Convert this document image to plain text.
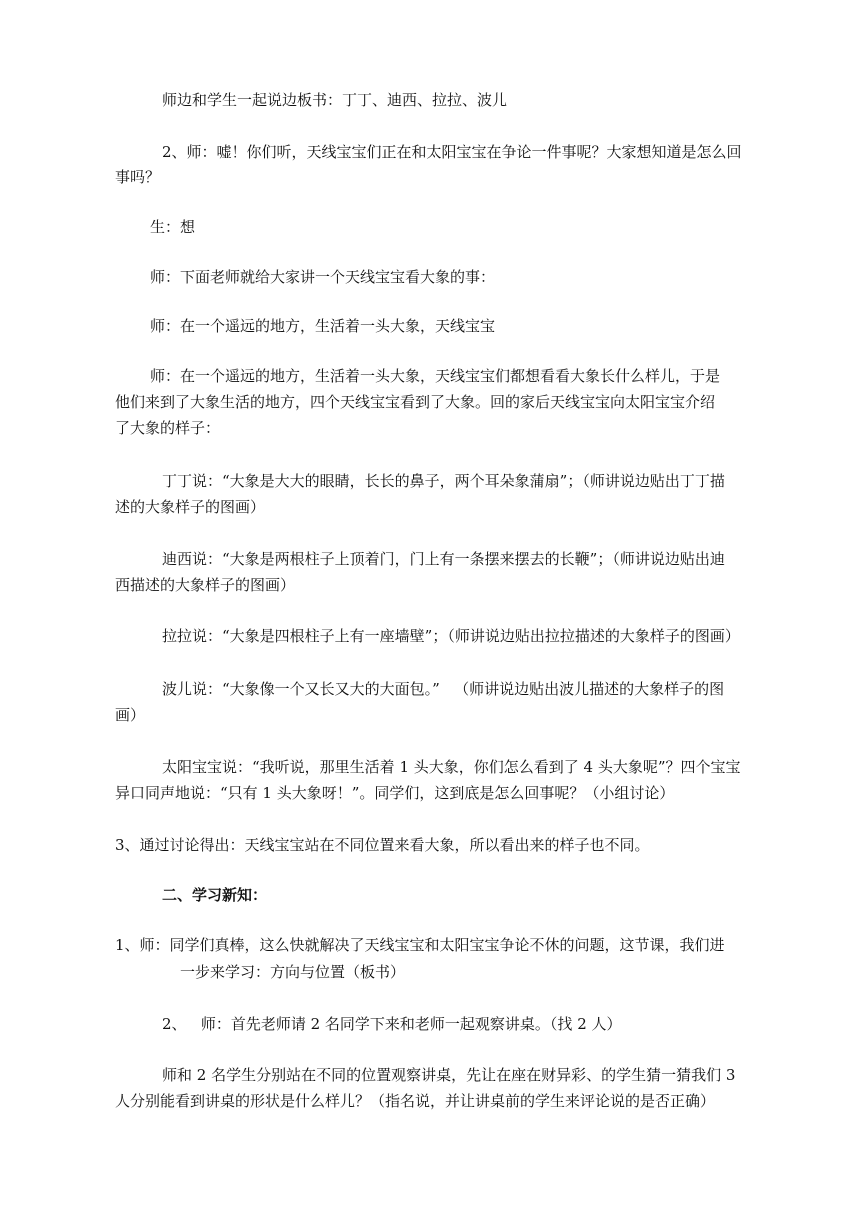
师边和学生一起说边板书：丁丁、迪西、拉拉、波儿

2、师：嘘！你们听，天线宝宝们正在和太阳宝宝在争论一件事呢？大家想知道是怎么回

事吗？

生：想

师：下面老师就给大家讲一个天线宝宝看大象的事：

师：在一个遥远的地方，生活着一头大象，天线宝宝

师：在一个遥远的地方，生活着一头大象，天线宝宝们都想看看大象长什么样儿，于是

他们来到了大象生活的地方，四个天线宝宝看到了大象。回的家后天线宝宝向太阳宝宝介绍

了大象的样子：

丁丁说：“大象是大大的眼睛，长长的鼻子，两个耳朵象蒲扇”；（师讲说边贴出丁丁描

述的大象样子的图画）

迪西说：“大象是两根柱子上顶着门，门上有一条摆来摆去的长鞭”；（师讲说边贴出迪

西描述的大象样子的图画）

拉拉说：“大象是四根柱子上有一座墙壁”；（师讲说边贴出拉拉描述的大象样子的图画）

波儿说：“大象像一个又长又大的大面包。”   （师讲说边贴出波儿描述的大象样子的图

画）

太阳宝宝说：“我听说，那里生活着 1 头大象，你们怎么看到了 4 头大象呢”？四个宝宝

异口同声地说：“只有 1 头大象呀！”。同学们，这到底是怎么回事呢？（小组讨论）

3、通过讨论得出：天线宝宝站在不同位置来看大象，所以看出来的样子也不同。

二、学习新知：

1、师：同学们真棒，这么快就解决了天线宝宝和太阳宝宝争论不休的问题，这节课，我们进

一步来学习：方向与位置（板书）

2、   师：首先老师请 2 名同学下来和老师一起观察讲桌。（找 2 人）

师和 2 名学生分别站在不同的位置观察讲桌，先让在座在财异彩、的学生猜一猜我们 3

人分别能看到讲桌的形状是什么样儿？（指名说，并让讲桌前的学生来评论说的是否正确）
